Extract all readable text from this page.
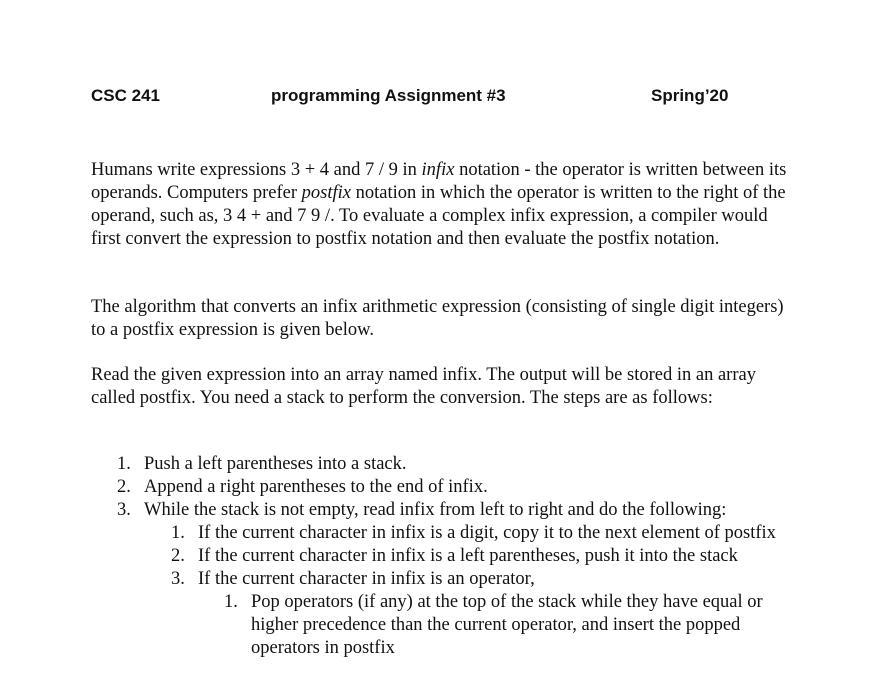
CSC 241	programming Assignment #3	Spring’20

Humans write expressions 3 + 4 and 7 / 9 in infix notation - the operator is written between its operands. Computers prefer postfix notation in which the operator is written to the right of the operand, such as, 3 4 + and 7 9 /. To evaluate a complex infix expression, a compiler would first convert the expression to postfix notation and then evaluate the postfix notation.

The algorithm that converts an infix arithmetic expression (consisting of single digit integers) to a postfix expression is given below.

Read the given expression into an array named infix. The output will be stored in an array called postfix. You need a stack to perform the conversion. The steps are as follows:

1. Push a left parentheses into a stack.
2. Append a right parentheses to the end of infix.
3. While the stack is not empty, read infix from left to right and do the following:
1. If the current character in infix is a digit, copy it to the next element of postfix
2. If the current character in infix is a left parentheses, push it into the stack
3. If the current character in infix is an operator,
1. Pop operators (if any) at the top of the stack while they have equal or higher precedence than the current operator, and insert the popped operators in postfix
